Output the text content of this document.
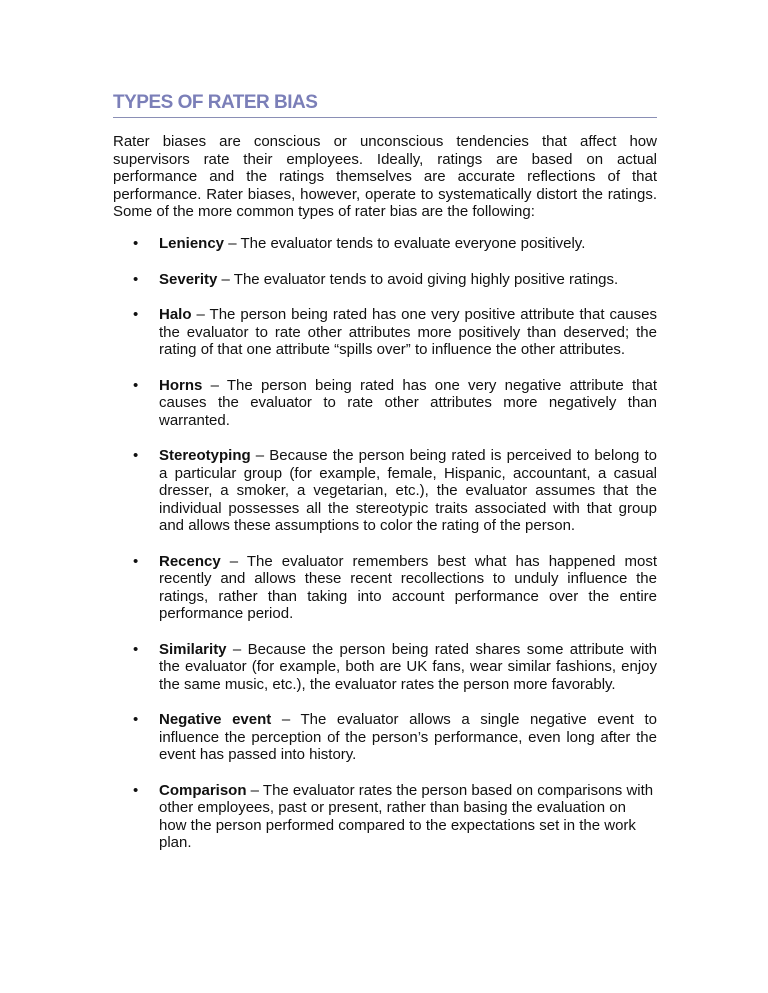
TYPES OF RATER BIAS

Rater biases are conscious or unconscious tendencies that affect how supervisors rate their employees. Ideally, ratings are based on actual performance and the ratings themselves are accurate reflections of that performance. Rater biases, however, operate to systematically distort the ratings. Some of the more common types of rater bias are the following:

• Leniency – The evaluator tends to evaluate everyone positively.
• Severity – The evaluator tends to avoid giving highly positive ratings.
• Halo – The person being rated has one very positive attribute that causes the evaluator to rate other attributes more positively than deserved; the rating of that one attribute “spills over” to influence the other attributes.
• Horns – The person being rated has one very negative attribute that causes the evaluator to rate other attributes more negatively than warranted.
• Stereotyping – Because the person being rated is perceived to belong to a particular group (for example, female, Hispanic, accountant, a casual dresser, a smoker, a vegetarian, etc.), the evaluator assumes that the individual possesses all the stereotypic traits associated with that group and allows these assumptions to color the rating of the person.
• Recency – The evaluator remembers best what has happened most recently and allows these recent recollections to unduly influence the ratings, rather than taking into account performance over the entire performance period.
• Similarity – Because the person being rated shares some attribute with the evaluator (for example, both are UK fans, wear similar fashions, enjoy the same music, etc.), the evaluator rates the person more favorably.
• Negative event – The evaluator allows a single negative event to influence the perception of the person’s performance, even long after the event has passed into history.
• Comparison – The evaluator rates the person based on comparisons with other employees, past or present, rather than basing the evaluation on how the person performed compared to the expectations set in the work plan.
